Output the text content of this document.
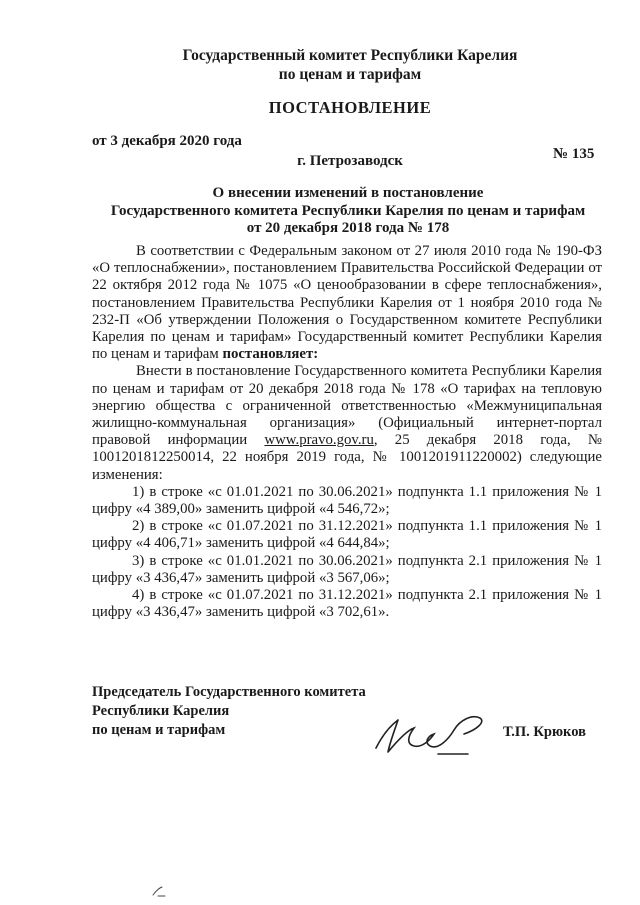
Государственный комитет Республики Карелия
по ценам и тарифам
ПОСТАНОВЛЕНИЕ
от 3 декабря 2020 года
№ 135
г. Петрозаводск
О внесении изменений в постановление
Государственного комитета Республики Карелия по ценам и тарифам
от 20 декабря 2018 года № 178

В соответствии с Федеральным законом от 27 июля 2010 года № 190-ФЗ «О теплоснабжении», постановлением Правительства Российской Федерации от 22 октября 2012 года № 1075 «О ценообразовании в сфере теплоснабжения», постановлением Правительства Республики Карелия от 1 ноября 2010 года № 232-П «Об утверждении Положения о Государственном комитете Республики Карелия по ценам и тарифам» Государственный комитет Республики Карелия по ценам и тарифам постановляет:

Внести в постановление Государственного комитета Республики Карелия по ценам и тарифам от 20 декабря 2018 года № 178 «О тарифах на тепловую энергию общества с ограниченной ответственностью «Межмуниципальная жилищно-коммунальная организация» (Официальный интернет-портал правовой информации www.pravo.gov.ru, 25 декабря 2018 года, № 1001201812250014, 22 ноября 2019 года, № 1001201911220002) следующие изменения:

1) в строке «с 01.01.2021 по 30.06.2021» подпункта 1.1 приложения № 1 цифру «4 389,00» заменить цифрой «4 546,72»;

2) в строке «с 01.07.2021 по 31.12.2021» подпункта 1.1 приложения № 1 цифру «4 406,71» заменить цифрой «4 644,84»;

3) в строке «с 01.01.2021 по 30.06.2021» подпункта 2.1 приложения № 1 цифру «3 436,47» заменить цифрой «3 567,06»;

4) в строке «с 01.07.2021 по 31.12.2021» подпункта 2.1 приложения № 1 цифру «3 436,47» заменить цифрой «3 702,61».

Председатель Государственного комитета
Республики Карелия
по ценам и тарифам	Т.П. Крюков
